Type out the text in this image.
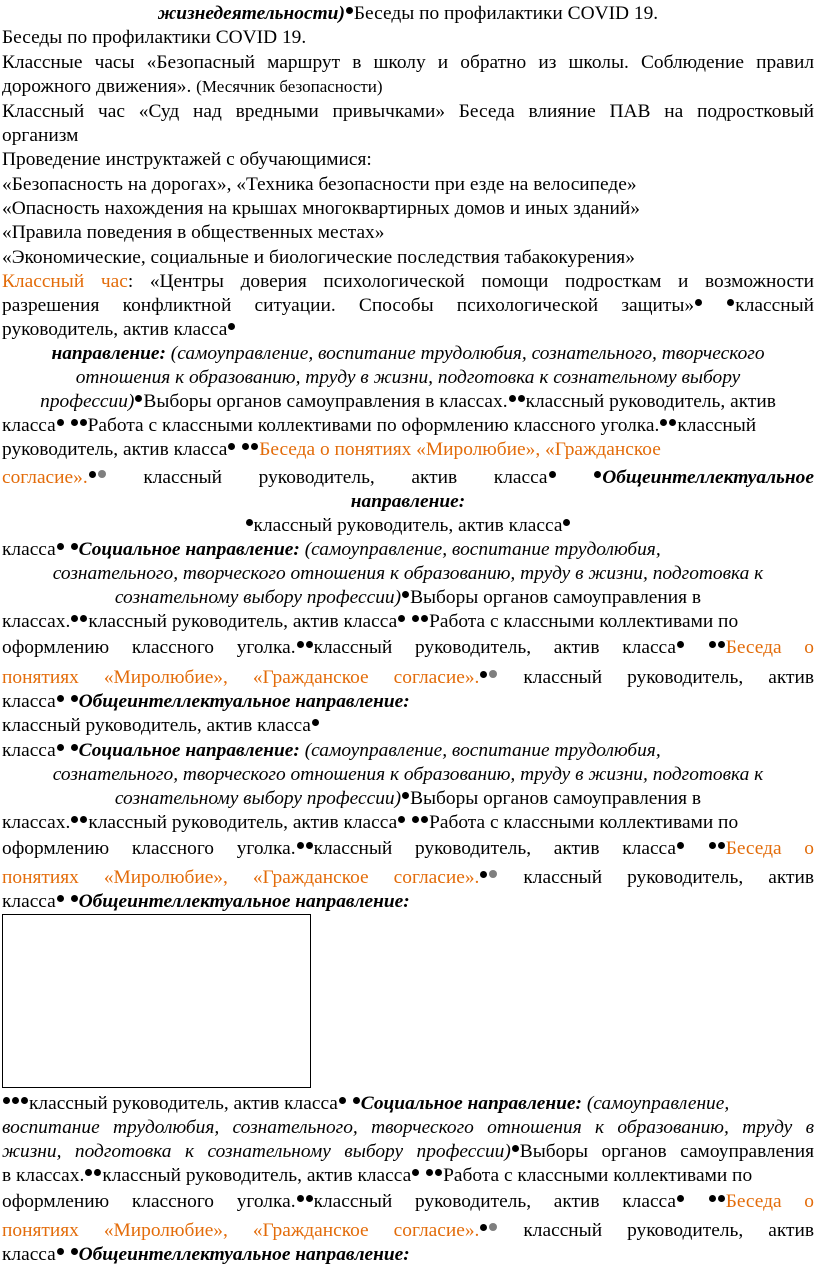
жизнедеятельности) Беседы по профилактики COVID 19.
Беседы по профилактики COVID 19.
Классные часы «Безопасный маршрут в школу и обратно из школы. Соблюдение правил
дорожного движения». (Месячник безопасности)
Классный час «Суд над вредными привычками» Беседа влияние ПАВ на подростковый
организм
Проведение инструктажей с обучающимися:
«Безопасность на дорогах», «Техника безопасности при езде на велосипеде»
«Опасность нахождения на крышах многоквартирных домов и иных зданий»
«Правила поведения в общественных местах»
«Экономические, социальные и биологические последствия табакокурения»
Классный час: «Центры доверия психологической помощи подросткам и возможности
разрешения конфликтной ситуации. Способы психологической защиты» классный
руководитель, актив класса
направление: (самоуправление, воспитание трудолюбия, сознательного, творческого
отношения к образованию, труду в жизни, подготовка к сознательному выбору
профессии) Выборы органов самоуправления в классах. классный руководитель, актив
класса Работа с классными коллективами по оформлению классного уголка. классный
руководитель, актив класса Беседа о понятиях «Миролюбие», «Гражданское
согласие». классный руководитель, актив класса	Общеинтеллектуальное
направление:
классный руководитель, актив класса
класса Социальное направление: (самоуправление, воспитание трудолюбия,
сознательного, творческого отношения к образованию, труду в жизни, подготовка к
сознательному выбору профессии) Выборы органов самоуправления в
классах. классный руководитель, актив класса Работа с классными коллективами по
оформлению классного уголка. классный руководитель, актив класса	Беседа о
понятиях «Миролюбие», «Гражданское согласие». классный руководитель, актив
класса Общеинтеллектуальное направление:
классный руководитель, актив класса
класса Социальное направление: (самоуправление, воспитание трудолюбия,
сознательного, творческого отношения к образованию, труду в жизни, подготовка к
сознательному выбору профессии) Выборы органов самоуправления в
классах. классный руководитель, актив класса Работа с классными коллективами по
оформлению классного уголка. классный руководитель, актив класса	Беседа о
понятиях «Миролюбие», «Гражданское согласие». классный руководитель, актив
класса Общеинтеллектуальное направление:
классный руководитель, актив класса Социальное направление: (самоуправление,
воспитание трудолюбия, сознательного, творческого отношения к образованию, труду в
жизни, подготовка к сознательному выбору профессии) Выборы органов самоуправления
в классах. классный руководитель, актив класса Работа с классными коллективами по
оформлению классного уголка. классный руководитель, актив класса	Беседа о
понятиях «Миролюбие», «Гражданское согласие». классный руководитель, актив
класса Общеинтеллектуальное направление:
